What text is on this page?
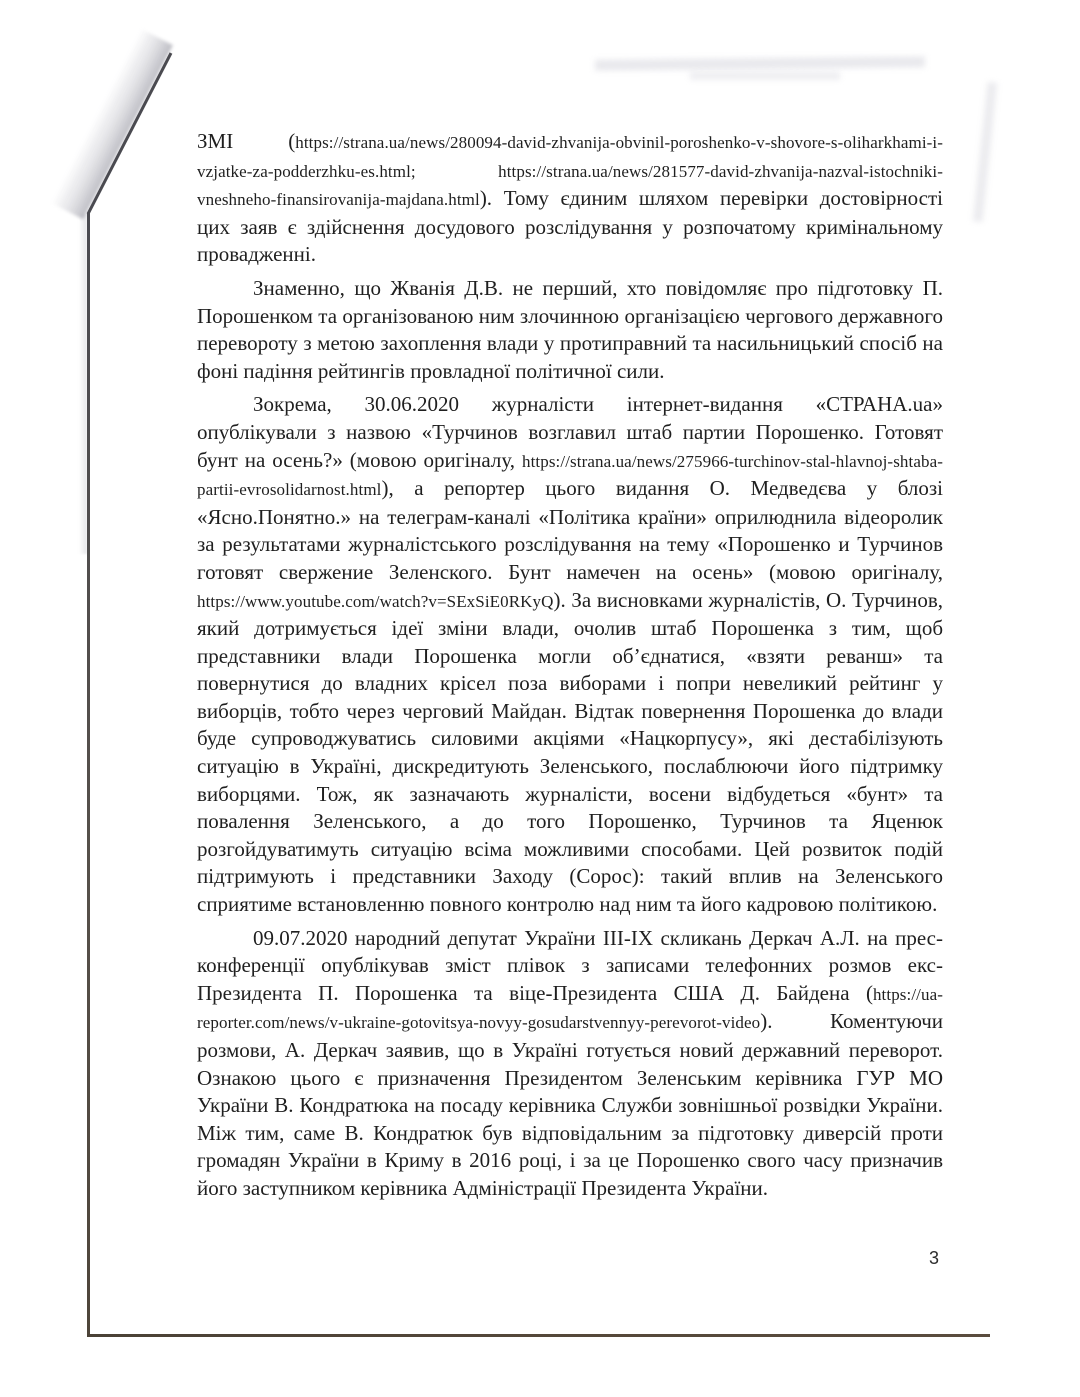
ЗМІ (https://strana.ua/news/280094-david-zhvanija-obvinil-poroshenko-v-shovore-s-oliharkhami-i-vzjatke-za-podderzhku-es.html; https://strana.ua/news/281577-david-zhvanija-nazval-istochniki-vneshneho-finansirovanija-majdana.html). Тому єдиним шляхом перевірки достовірності цих заяв є здійснення досудового розслідування у розпочатому кримінальному провадженні.

Знаменно, що Жванія Д.В. не перший, хто повідомляє про підготовку П. Порошенком та організованою ним злочинною організацією чергового державного перевороту з метою захоплення влади у протиправний та насильницький спосіб на фоні падіння рейтингів провладної політичної сили.

Зокрема, 30.06.2020 журналісти інтернет-видання «СТРАНА.ua» опублікували з назвою «Турчинов возглавил штаб партии Порошенко. Готовят бунт на осень?» (мовою оригіналу, https://strana.ua/news/275966-turchinov-stal-hlavnoj-shtaba-partii-evrosolidarnost.html), а репортер цього видання О. Медведєва у блозі «Ясно.Понятно.» на телеграм-каналі «Політика країни» оприлюднила відеоролик за результатами журналістського розслідування на тему «Порошенко и Турчинов готовят свержение Зеленского. Бунт намечен на осень» (мовою оригіналу, https://www.youtube.com/watch?v=SExSiE0RKyQ). За висновками журналістів, О. Турчинов, який дотримується ідеї зміни влади, очолив штаб Порошенка з тим, щоб представники влади Порошенка могли об’єднатися, «взяти реванш» та повернутися до владних крісел поза виборами і попри невеликий рейтинг у виборців, тобто через черговий Майдан. Відтак повернення Порошенка до влади буде супроводжуватись силовими акціями «Нацкорпусу», які дестабілізують ситуацію в Україні, дискредитують Зеленського, послаблюючи його підтримку виборцями. Тож, як зазначають журналісти, восени відбудеться «бунт» та повалення Зеленського, а до того Порошенко, Турчинов та Яценюк розгойдуватимуть ситуацію всіма можливими способами. Цей розвиток подій підтримують і представники Заходу (Сорос): такий вплив на Зеленського сприятиме встановленню повного контролю над ним та його кадровою політикою.

09.07.2020 народний депутат України ІІІ-ІХ скликань Деркач А.Л. на прес-конференції опублікував зміст плівок з записами телефонних розмов екс-Президента П. Порошенка та віце-Президента США Д. Байдена (https://ua-reporter.com/news/v-ukraine-gotovitsya-novyy-gosudarstvennyy-perevorot-video). Коментуючи розмови, А. Деркач заявив, що в Україні готується новий державний переворот. Ознакою цього є призначення Президентом Зеленським керівника ГУР МО України В. Кондратюка на посаду керівника Служби зовнішньої розвідки України. Між тим, саме В. Кондратюк був відповідальним за підготовку диверсій проти громадян України в Криму в 2016 році, і за це Порошенко свого часу призначив його заступником керівника Адміністрації Президента України.

3
